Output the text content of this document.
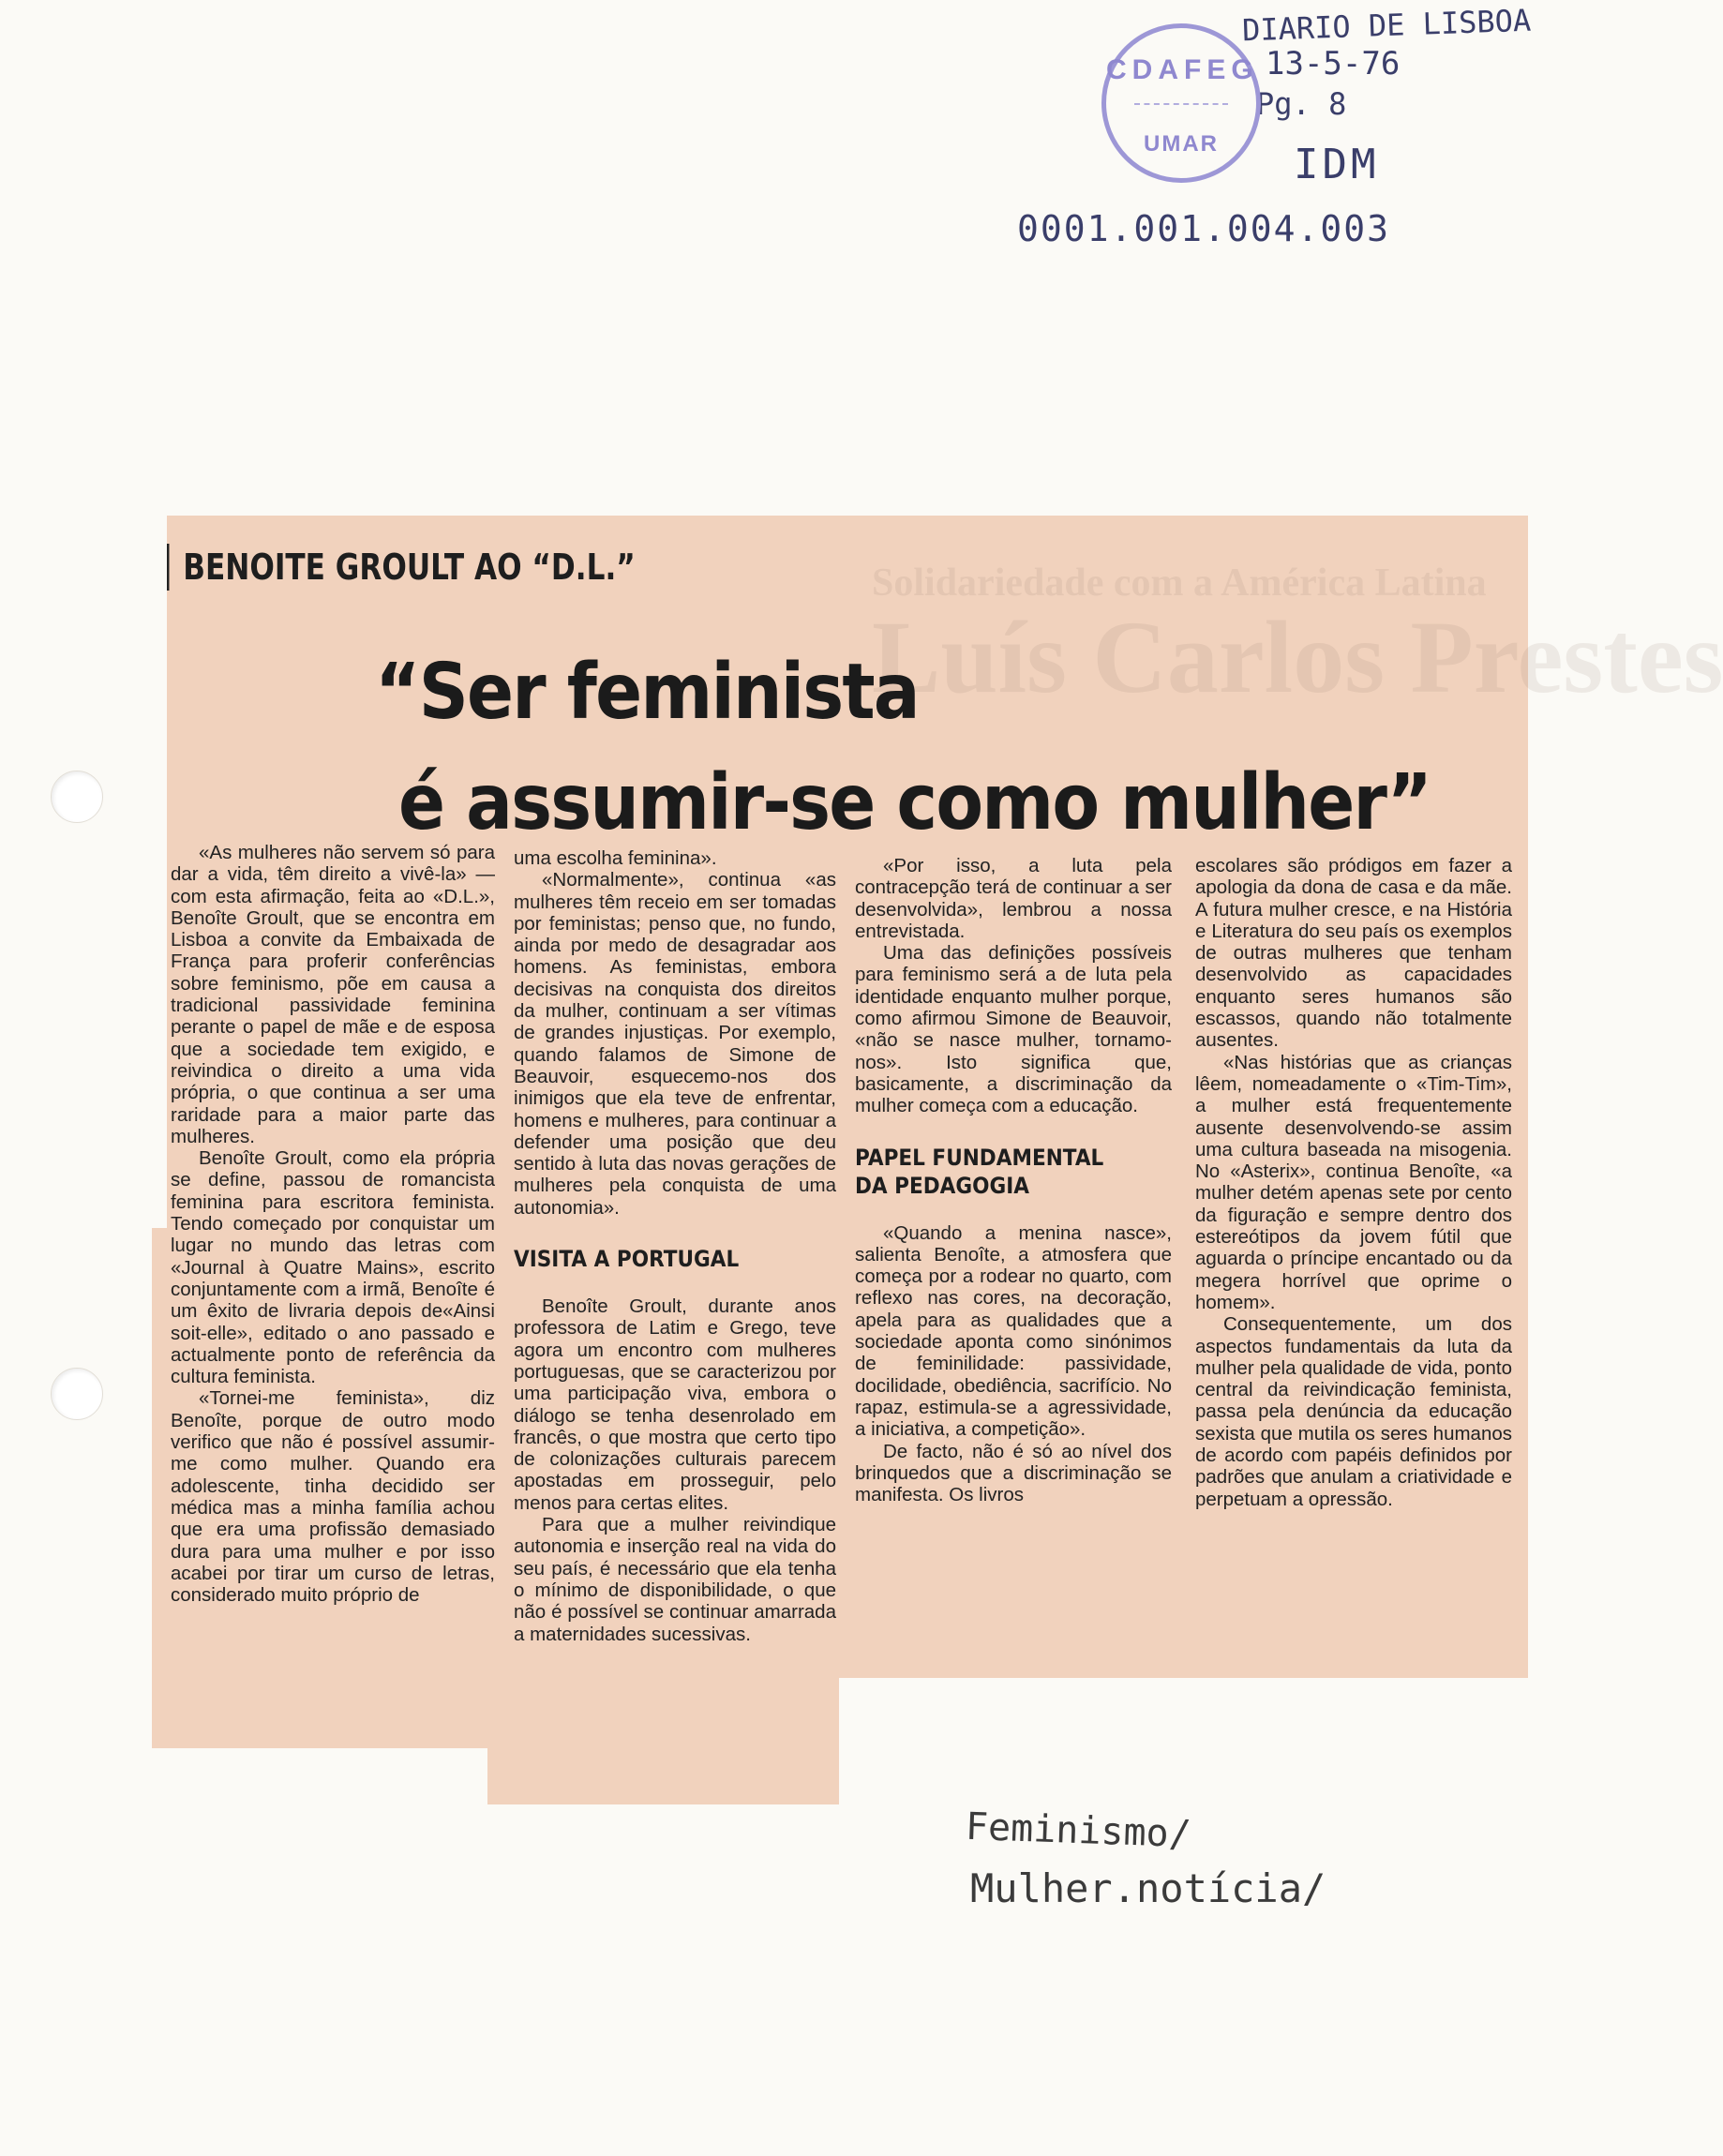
DIARIO DE LISBOA
13-5-76
Pg. 8
IDM
0001.001.004.003
CDAFEG
UMAR
Solidariedade com a América Latina
Luís Carlos Prestes
BENOITE GROULT AO “D.L.”
“Ser feminista
é assumir-se como mulher”

«As mulheres não servem só para dar a vida, têm direito a vivê-la» — com esta afirmação, feita ao «D.L.», Benoîte Groult, que se encontra em Lisboa a convite da Embaixada de França para proferir conferências sobre feminismo, põe em causa a tradicional passividade feminina perante o papel de mãe e de esposa que a sociedade tem exigido, e reivindica o direito a uma vida própria, o que continua a ser uma raridade para a maior parte das mulheres.

Benoîte Groult, como ela própria se define, passou de romancista feminina para escritora feminista. Tendo começado por conquistar um lugar no mundo das letras com «Journal à Quatre Mains», escrito conjuntamente com a irmã, Benoîte é um êxito de livraria depois de«Ainsi soit-elle», editado o ano passado e actualmente ponto de referência da cultura feminista.

«Tornei-me feminista», diz Benoîte, porque de outro modo verifico que não é possível assumir-me como mulher. Quando era adolescente, tinha decidido ser médica mas a minha família achou que era uma profissão demasiado dura para uma mulher e por isso acabei por tirar um curso de letras, considerado muito próprio de

uma escolha feminina».

«Normalmente», continua «as mulheres têm receio em ser tomadas por feministas; penso que, no fundo, ainda por medo de desagradar aos homens. As feministas, embora decisivas na conquista dos direitos da mulher, continuam a ser vítimas de grandes injustiças. Por exemplo, quando falamos de Simone de Beauvoir, esquecemo-nos dos inimigos que ela teve de enfrentar, homens e mulheres, para continuar a defender uma posição que deu sentido à luta das novas gerações de mulheres pela conquista de uma autonomia».

VISITA A PORTUGAL

Benoîte Groult, durante anos professora de Latim e Grego, teve agora um encontro com mulheres portuguesas, que se caracterizou por uma participação viva, embora o diálogo se tenha desenrolado em francês, o que mostra que certo tipo de colonizações culturais parecem apostadas em prosseguir, pelo menos para certas elites.

Para que a mulher reivindique autonomia e inserção real na vida do seu país, é necessário que ela tenha o mínimo de disponibilidade, o que não é possível se continuar amarrada a maternidades sucessivas.

«Por isso, a luta pela contracepção terá de continuar a ser desenvolvida», lembrou a nossa entrevistada.

Uma das definições possíveis para feminismo será a de luta pela identidade enquanto mulher porque, como afirmou Simone de Beauvoir, «não se nasce mulher, tornamo-nos». Isto significa que, basicamente, a discriminação da mulher começa com a educação.

PAPEL FUNDAMENTAL
DA PEDAGOGIA

«Quando a menina nasce», salienta Benoîte, a atmosfera que começa por a rodear no quarto, com reflexo nas cores, na decoração, apela para as qualidades que a sociedade aponta como sinónimos de feminilidade: passividade, docilidade, obediência, sacrifício. No rapaz, estimula-se a agressividade, a iniciativa, a competição».

De facto, não é só ao nível dos brinquedos que a discriminação se manifesta. Os livros

escolares são pródigos em fazer a apologia da dona de casa e da mãe. A futura mulher cresce, e na História e Literatura do seu país os exemplos de outras mulheres que tenham desenvolvido as capacidades enquanto seres humanos são escassos, quando não totalmente ausentes.

«Nas histórias que as crianças lêem, nomeadamente o «Tim-Tim», a mulher está frequentemente ausente desenvolvendo-se assim uma cultura baseada na misogenia. No «Asterix», continua Benoîte, «a mulher detém apenas sete por cento da figuração e sempre dentro dos estereótipos da jovem fútil que aguarda o príncipe encantado ou da megera horrível que oprime o homem».

Consequentemente, um dos aspectos fundamentais da luta da mulher pela qualidade de vida, ponto central da reivindicação feminista, passa pela denúncia da educação sexista que mutila os seres humanos de acordo com papéis definidos por padrões que anulam a criatividade e perpetuam a opressão.

Feminismo/
Mulher.notícia/
